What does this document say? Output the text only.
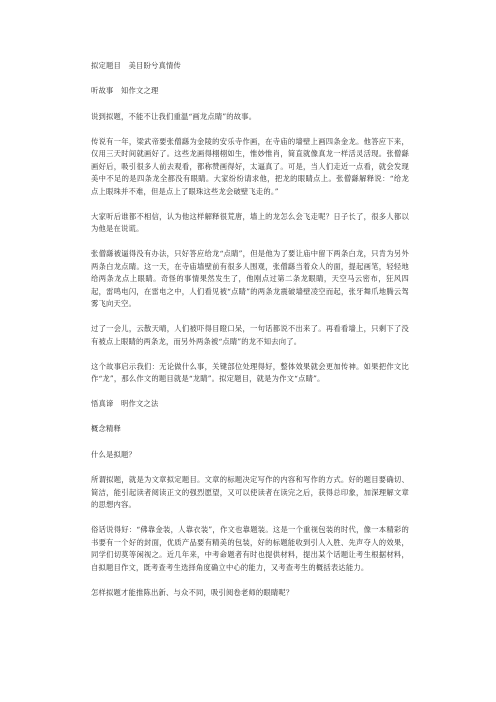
拟定题目　美目盼兮真情传

听故事　知作文之理

说到拟题，不能不让我们重温“画龙点睛”的故事。

传说有一年，梁武帝要张僧繇为金陵的安乐寺作画，在寺庙的墙壁上画四条金龙。他答应下来，仅用三天时间就画好了。这些龙画得栩栩如生，惟妙惟肖，简直就像真龙一样活灵活现。张僧繇画好后，吸引很多人前去观看，都称赞画得好，太逼真了。可是，当人们走近一点看，就会发现美中不足的是四条龙全都没有眼睛。大家纷纷请求他，把龙的眼睛点上。张僧繇解释说：“给龙点上眼珠并不难，但是点上了眼珠这些龙会破壁飞走的。”

大家听后谁都不相信，认为他这样解释很荒唐，墙上的龙怎么会飞走呢？日子长了，很多人都以为他是在说谎。

张僧繇被逼得没有办法，只好答应给龙“点睛”，但是他为了要让庙中留下两条白龙，只肯为另外两条白龙点睛。这一天，在寺庙墙壁前有很多人围观，张僧繇当着众人的面，提起画笔，轻轻地给两条龙点上眼睛。奇怪的事情果然发生了，他刚点过第二条龙眼睛，天空马云密布，狂风四起，雷鸣电闪，在雷电之中，人们看见被“点睛”的两条龙震破墙壁凌空而起，张牙舞爪地腾云驾雾飞向天空。

过了一会儿，云散天晴，人们被吓得目瞪口呆，一句话都说不出来了。再看看墙上，只剩下了没有被点上眼睛的两条龙，而另外两条被“点睛”的龙不知去向了。

这个故事启示我们：无论做什么事，关键部位处理得好，整体效果就会更加传神。如果把作文比作“龙”，那么作文的题目就是“龙睛”。拟定题目，就是为作文“点睛”。

悟真谛　明作文之法

概念精释

什么是拟题？

所谓拟题，就是为文章拟定题目。文章的标题决定写作的内容和写作的方式。好的题目要确切、简洁，能引起读者阅读正文的强烈愿望，又可以使读者在读完之后，获得总印象，加深理解文章的思想内容。

俗话说得好：“佛靠金装，人靠衣装”，作文也靠题装。这是一个重视包装的时代，像一本精彩的书要有一个好的封面，优质产品要有精美的包装，好的标题能收到引人入胜、先声夺人的效果，同学们切莫等闲视之。近几年来，中考命题者有时也提供材料，提出某个话题让考生根据材料，自拟题目作文，既考查考生选择角度确立中心的能力，又考查考生的概括表达能力。

怎样拟题才能推陈出新、与众不同，吸引阅卷老师的眼睛呢？
